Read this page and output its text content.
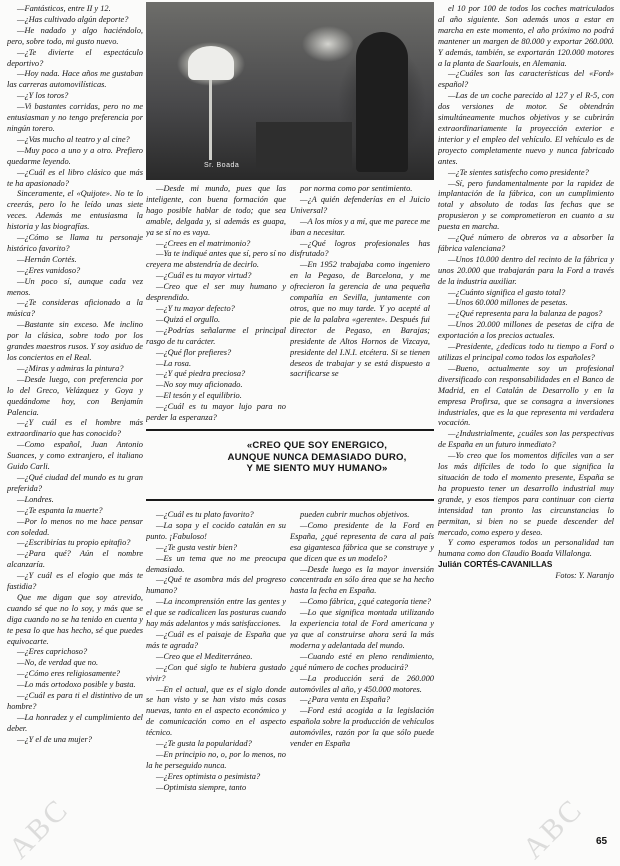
—Fantásticos, entre II y 12.

—¿Has cultivado algún deporte?

—He nadado y algo haciéndolo, pero, sobre todo, mi gusto nuevo.

—¿Te divierte el espectáculo deportivo?

—Hoy nada. Hace años me gustaban las carreras automovilísticas.

—¿Y los toros?

—Vi bastantes corridas, pero no me entusiasman y no tengo preferencia por ningún torero.

—¿Vas mucho al teatro y al cine?

—Muy poco a uno y a otro. Prefiero quedarme leyendo.

—¿Cuál es el libro clásico que más te ha apasionado?

Sinceramente, el «Quijote». No te lo creerás, pero lo he leído unas siete veces. Además me entusiasma la historia y las biografías.

—¿Cómo se llama tu personaje histórico favorito?

—Hernán Cortés.

—¿Eres vanidoso?

—Un poco sí, aunque cada vez menos.

—¿Te consideras aficionado a la música?

—Bastante sin exceso. Me inclino por la clásica, sobre todo por los grandes maestros rusos. Y soy asiduo de los conciertos en el Real.

—¿Miras y admiras la pintura?

—Desde luego, con preferencia por lo del Greco, Velázquez y Goya y quedándome hoy, con Benjamín Palencia.

—¿Y cuál es el hombre más extraordinario que has conocido?

—Como español, Juan Antonio Suances, y como extranjero, el italiano Guido Carli.

—¿Qué ciudad del mundo es tu gran preferida?

—Londres.

—¿Te espanta la muerte?

—Por lo menos no me hace pensar con soledad.

—¿Escribirías tu propio epitafio?

—¿Para qué? Aún el nombre alcanzaría.

—¿Y cuál es el elogio que más te fastidia?

Que me digan que soy atrevido, cuando sé que no lo soy, y más que se diga cuando no se ha tenido en cuenta y te pesa lo que has hecho, sé que puedes equivocarte.

—¿Eres caprichoso?

—No, de verdad que no.

—¿Cómo eres religiosamente?

—Lo más ortodoxo posible y basta.

—¿Cuál es para ti el distintivo de un hombre?

—La honradez y el cumplimiento del deber.

—¿Y el de una mujer?

Sr. Boada

—Desde mi mundo, pues que las inteligente, con buena formación que hago posible hablar de todo; que sea amable, delgada y, si además es guapa, ya se sí no es vaya.

—¿Crees en el matrimonio?

—Ya te indiqué antes que sí, pero sí no creyera me abstendría de decirlo.

—¿Cuál es tu mayor virtud?

—Creo que el ser muy humano y desprendido.

—¿Y tu mayor defecto?

—Quizá el orgullo.

—¿Podrías señalarme el principal rasgo de tu carácter.

—¿Qué flor prefieres?

—La rosa.

—¿Y qué piedra preciosa?

—No soy muy aficionado.

—El tesón y el equilibrio.

—¿Cuál es tu mayor lujo para no perder la esperanza?

por norma como por sentimiento.

—¿A quién defenderías en el Juicio Universal?

—A los míos y a mí, que me parece me iban a necesitar.

—¿Qué logros profesionales has disfrutado?

—En 1952 trabajaba como ingeniero en la Pegaso, de Barcelona, y me ofrecieron la gerencia de una pequeña compañía en Sevilla, juntamente con otros, que no muy tarde. Y yo acepté al pie de la palabra «gerente». Después fui director de Pegaso, en Barajas; presidente de Altos Hornos de Vizcaya, presidente del I.N.I. etcétera. Si se tienen deseos de trabajar y se está dispuesto a sacrificarse se

el 10 por 100 de todos los coches matriculados al año siguiente. Son además unos a estar en marcha en este momento, el año próximo no podrá mantener un margen de 80.000 y exportar 260.000. Y además, también, se exportarán 120.000 motores a la planta de Saarlouis, en Alemania.

—¿Cuáles son las características del «Ford» español?

—Las de un coche parecido al 127 y el R-5, con dos versiones de motor. Se obtendrán simultáneamente muchos objetivos y se cubrirán extraordinariamente la proyección exterior e interior y el empleo del vehículo. El vehículo es de proyecto completamente nuevo y nunca fabricado antes.

—¿Te sientes satisfecho como presidente?

—Sí, pero fundamentalmente por la rapidez de implantación de la fábrica, con un cumplimiento total y absoluto de todas las fechas que se propusieron y se comprometieron en cuanto a su puesta en marcha.

—¿Qué número de obreros va a absorber la fábrica valenciana?

—Unos 10.000 dentro del recinto de la fábrica y unos 20.000 que trabajarán para la Ford a través de la industria auxiliar.

—¿Cuánto significa el gasto total?

—Unos 60.000 millones de pesetas.

—¿Qué representa para la balanza de pagos?

—Unos 20.000 millones de pesetas de cifra de exportación a los precios actuales.

—Presidente, ¿dedicas todo tu tiempo a Ford o utilizas el principal como todos los españoles?

—Bueno, actualmente soy un profesional diversificado con responsabilidades en el Banco de Madrid, en el Catalán de Desarrollo y en la empresa Profirsa, que se consagra a inversiones industriales, que es la que representa mi verdadera vocación.

—¿Industrialmente, ¿cuáles son las perspectivas de España en un futuro inmediato?

—Yo creo que los momentos difíciles van a ser los más difíciles de todo lo que significa la situación de todo el momento presente, España se ha propuesto tener un desarrollo industrial muy grande, y esos tiempos para continuar con cierta intensidad tan pronto las circunstancias lo permitan, si bien no se puede descender del mercado, como espero y deseo.

Y como esperamos todos un personalidad tan humana como don Claudio Boada Villalonga.

Julián CORTÉS-CAVANILLAS

Fotos: Y. Naranjo

«CREO QUE SOY ENERGICO,
AUNQUE NUNCA DEMASIADO DURO,
Y ME SIENTO MUY HUMANO»

—¿Cuál es tu plato favorito?

—La sopa y el cocido catalán en su punto. ¡Fabuloso!

—¿Te gusta vestir bien?

—Es un tema que no me preocupa demasiado.

—¿Qué te asombra más del progreso humano?

—La incomprensión entre las gentes y el que se radicalicen las posturas cuando hay más adelantos y más satisfacciones.

—¿Cuál es el paisaje de España que más te agrada?

—Creo que el Mediterráneo.

—¿Con qué siglo te hubiera gustado vivir?

—En el actual, que es el siglo donde se han visto y se han visto más cosas nuevas, tanto en el aspecto económico y de comunicación como en el aspecto técnico.

—¿Te gusta la popularidad?

—En principio no, o, por lo menos, no la he perseguido nunca.

—¿Eres optimista o pesimista?

—Optimista siempre, tanto

pueden cubrir muchos objetivos.

—Como presidente de la Ford en España, ¿qué representa de cara al país esa gigantesca fábrica que se construye y que dicen que es un modelo?

—Desde luego es la mayor inversión concentrada en sólo área que se ha hecho hasta la fecha en España.

—Como fábrica, ¿qué categoría tiene?

—Lo que significa montada utilizando la experiencia total de Ford americana y ya que al construirse ahora será la más moderna y adelantada del mundo.

—Cuando esté en pleno rendimiento, ¿qué número de coches producirá?

—La producción será de 260.000 automóviles al año, y 450.000 motores.

—¿Para venta en España?

—Ford está acogida a la legislación española sobre la producción de vehículos automóviles, razón por la que sólo puede vender en España

65
ABC	ABC
